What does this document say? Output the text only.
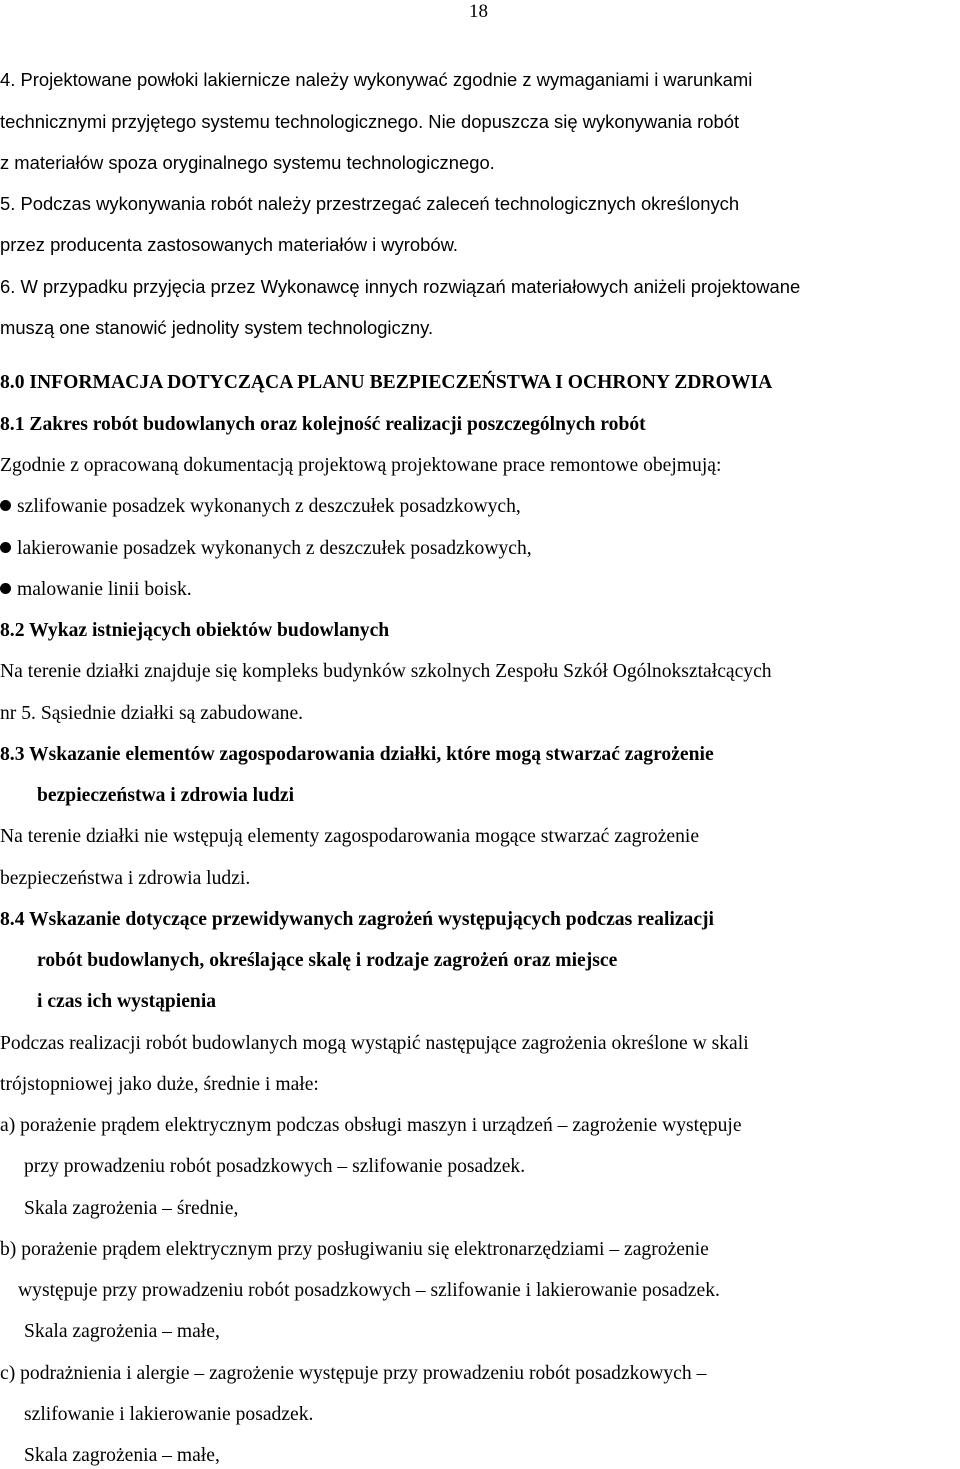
18
4. Projektowane powłoki lakiernicze należy wykonywać zgodnie z wymaganiami i warunkami
technicznymi przyjętego systemu technologicznego. Nie dopuszcza się wykonywania robót
z materiałów spoza oryginalnego systemu technologicznego.
5. Podczas wykonywania robót należy przestrzegać zaleceń technologicznych określonych
przez producenta zastosowanych materiałów i wyrobów.
6. W przypadku przyjęcia przez Wykonawcę innych rozwiązań materiałowych aniżeli projektowane
muszą one stanowić jednolity system technologiczny.
8.0 INFORMACJA DOTYCZĄCA PLANU BEZPIECZEŃSTWA I OCHRONY ZDROWIA
8.1 Zakres robót budowlanych oraz kolejność realizacji poszczególnych robót
Zgodnie z opracowaną dokumentacją projektową projektowane prace remontowe obejmują:
szlifowanie posadzek wykonanych z deszczułek posadzkowych,
lakierowanie posadzek wykonanych z deszczułek posadzkowych,
malowanie linii boisk.
8.2 Wykaz istniejących obiektów budowlanych
Na terenie działki znajduje się kompleks budynków szkolnych Zespołu Szkół Ogólnokształcących
nr 5. Sąsiednie działki są zabudowane.
8.3 Wskazanie elementów zagospodarowania działki, które mogą stwarzać zagrożenie
bezpieczeństwa i zdrowia ludzi
Na terenie działki nie wstępują elementy zagospodarowania mogące stwarzać zagrożenie
bezpieczeństwa i zdrowia ludzi.
8.4 Wskazanie dotyczące przewidywanych zagrożeń występujących podczas realizacji
robót budowlanych, określające skalę i rodzaje zagrożeń oraz miejsce
i czas ich wystąpienia
Podczas realizacji robót budowlanych mogą wystąpić następujące zagrożenia określone w skali
trójstopniowej jako duże, średnie i małe:
a) porażenie prądem elektrycznym podczas obsługi maszyn i urządzeń – zagrożenie występuje
przy prowadzeniu robót posadzkowych – szlifowanie posadzek.
Skala zagrożenia – średnie,
b) porażenie prądem elektrycznym przy posługiwaniu się elektronarzędziami – zagrożenie
występuje przy prowadzeniu robót posadzkowych – szlifowanie i lakierowanie posadzek.
Skala zagrożenia – małe,
c) podrażnienia i alergie – zagrożenie występuje przy prowadzeniu robót posadzkowych –
szlifowanie i lakierowanie posadzek.
Skala zagrożenia – małe,
